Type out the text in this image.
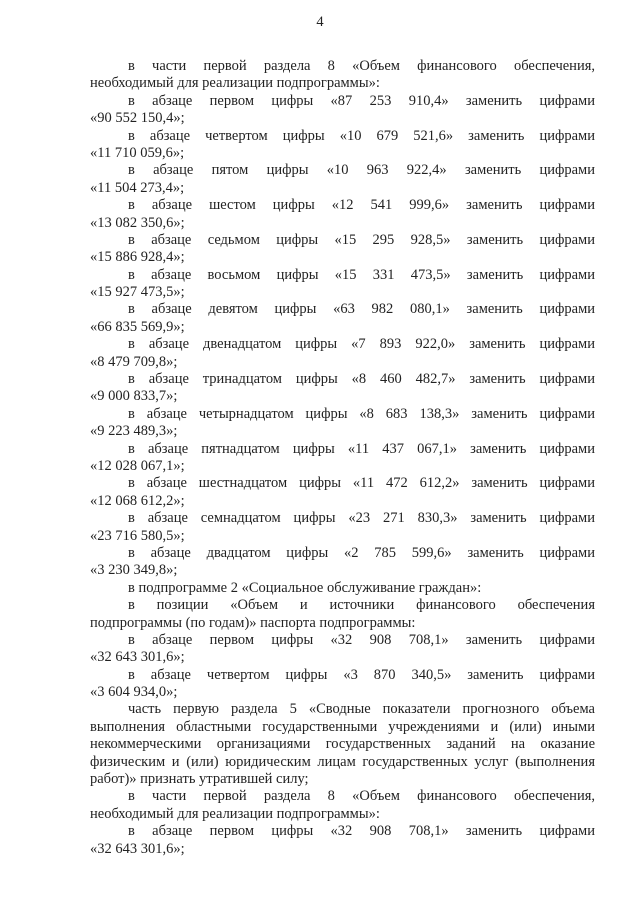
4
в части первой раздела 8 «Объем финансового обеспечения,
необходимый для реализации подпрограммы»:
в абзаце первом цифры «87 253 910,4» заменить цифрами
«90 552 150,4»;
в абзаце четвертом цифры «10 679 521,6» заменить цифрами
«11 710 059,6»;
в абзаце пятом цифры «10 963 922,4» заменить цифрами
«11 504 273,4»;
в абзаце шестом цифры «12 541 999,6» заменить цифрами
«13 082 350,6»;
в абзаце седьмом цифры «15 295 928,5» заменить цифрами
«15 886 928,4»;
в абзаце восьмом цифры «15 331 473,5» заменить цифрами
«15 927 473,5»;
в абзаце девятом цифры «63 982 080,1» заменить цифрами
«66 835 569,9»;
в абзаце двенадцатом цифры «7 893 922,0» заменить цифрами
«8 479 709,8»;
в абзаце тринадцатом цифры «8 460 482,7» заменить цифрами
«9 000 833,7»;
в абзаце четырнадцатом цифры «8 683 138,3» заменить цифрами
«9 223 489,3»;
в абзаце пятнадцатом цифры «11 437 067,1» заменить цифрами
«12 028 067,1»;
в абзаце шестнадцатом цифры «11 472 612,2» заменить цифрами
«12 068 612,2»;
в абзаце семнадцатом цифры «23 271 830,3» заменить цифрами
«23 716 580,5»;
в абзаце двадцатом цифры «2 785 599,6» заменить цифрами
«3 230 349,8»;
в подпрограмме 2 «Социальное обслуживание граждан»:
в позиции «Объем и источники финансового обеспечения
подпрограммы (по годам)» паспорта подпрограммы:
в абзаце первом цифры «32 908 708,1» заменить цифрами
«32 643 301,6»;
в абзаце четвертом цифры «3 870 340,5» заменить цифрами
«3 604 934,0»;
часть первую раздела 5 «Сводные показатели прогнозного объема
выполнения областными государственными учреждениями и (или) иными
некоммерческими организациями государственных заданий на оказание
физическим и (или) юридическим лицам государственных услуг (выполнения
работ)» признать утратившей силу;
в части первой раздела 8 «Объем финансового обеспечения,
необходимый для реализации подпрограммы»:
в абзаце первом цифры «32 908 708,1» заменить цифрами
«32 643 301,6»;
